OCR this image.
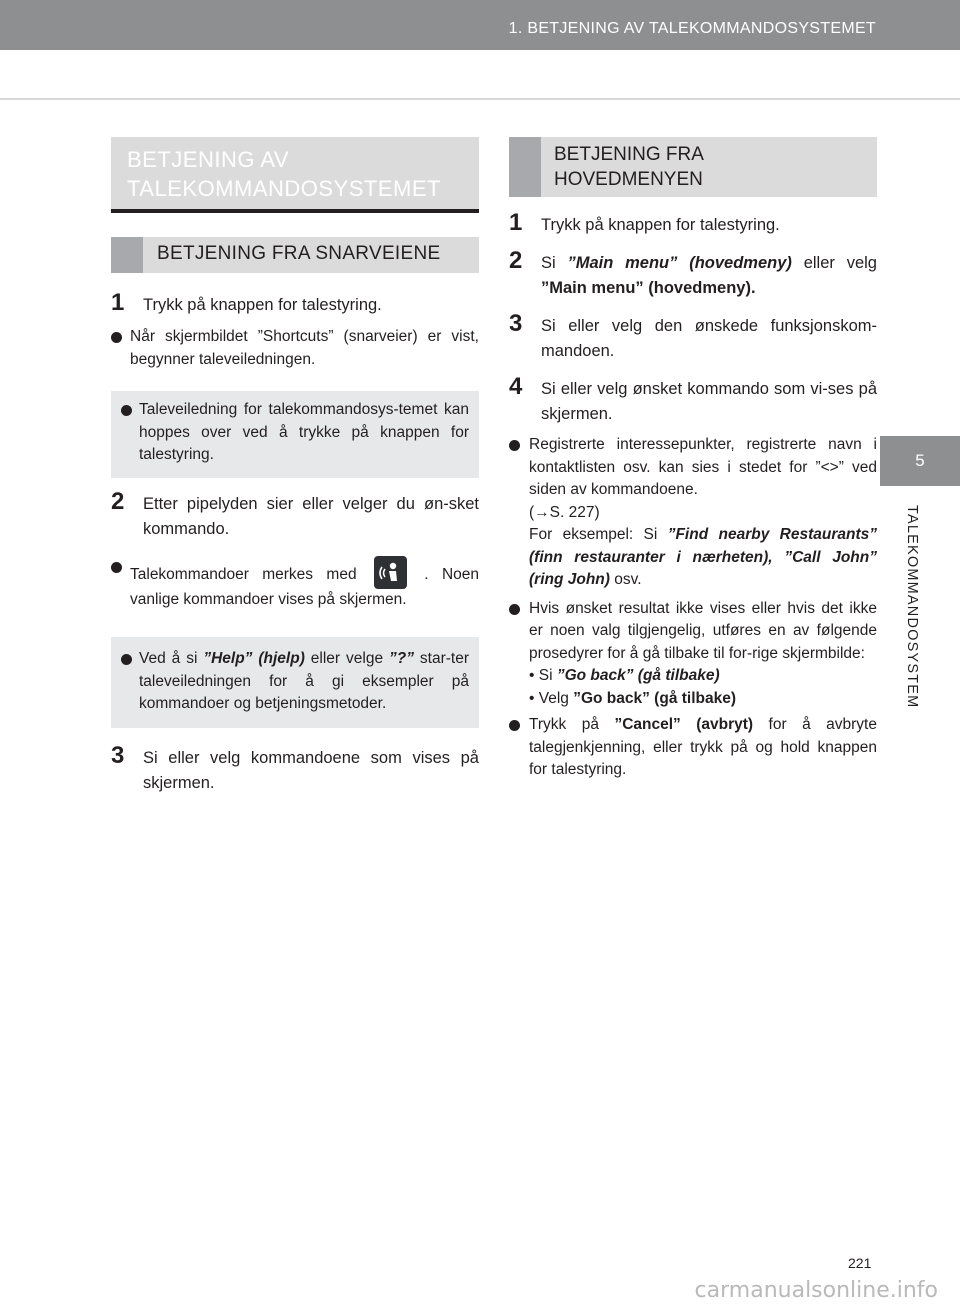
1. BETJENING AV TALEKOMMANDOSYSTEMET
5
TALEKOMMANDOSYSTEM
BETJENING AV
TALEKOMMANDOSYSTEMET
BETJENING FRA SNARVEIENE
1 Trykk på knappen for talestyring.
Når skjermbildet ”Shortcuts” (snarveier) er vist, begynner taleveiledningen.
Taleveiledning for talekommandosys-temet kan hoppes over ved å trykke på knappen for talestyring.
2 Etter pipelyden sier eller velger du øn-sket kommando.
Talekommandoer merkes med	. Noen vanlige kommandoer vises på skjermen.
Ved å si ”Help” (hjelp) eller velge ”?” star-ter taleveiledningen for å gi eksempler på kommandoer og betjeningsmetoder.
3 Si eller velg kommandoene som vises på skjermen.
BETJENING FRA
HOVEDMENYEN
1 Trykk på knappen for talestyring.
2 Si ”Main menu” (hovedmeny) eller velg ”Main menu” (hovedmeny).
3 Si eller velg den ønskede funksjonskom-mandoen.
4 Si eller velg ønsket kommando som vi-ses på skjermen.
Registrerte interessepunkter, registrerte navn i kontaktlisten osv. kan sies i stedet for ”<>” ved siden av kommandoene.
(→S. 227)
For eksempel: Si ”Find nearby Restaurants” (finn restauranter i nærheten), ”Call John” (ring John) osv.
Hvis ønsket resultat ikke vises eller hvis det ikke er noen valg tilgjengelig, utføres en av følgende prosedyrer for å gå tilbake til for-rige skjermbilde:
• Si ”Go back” (gå tilbake)
• Velg ”Go back” (gå tilbake)
Trykk på ”Cancel” (avbryt) for å avbryte talegjenkjenning, eller trykk på og hold knappen for talestyring.
221
carmanualsonline.info
